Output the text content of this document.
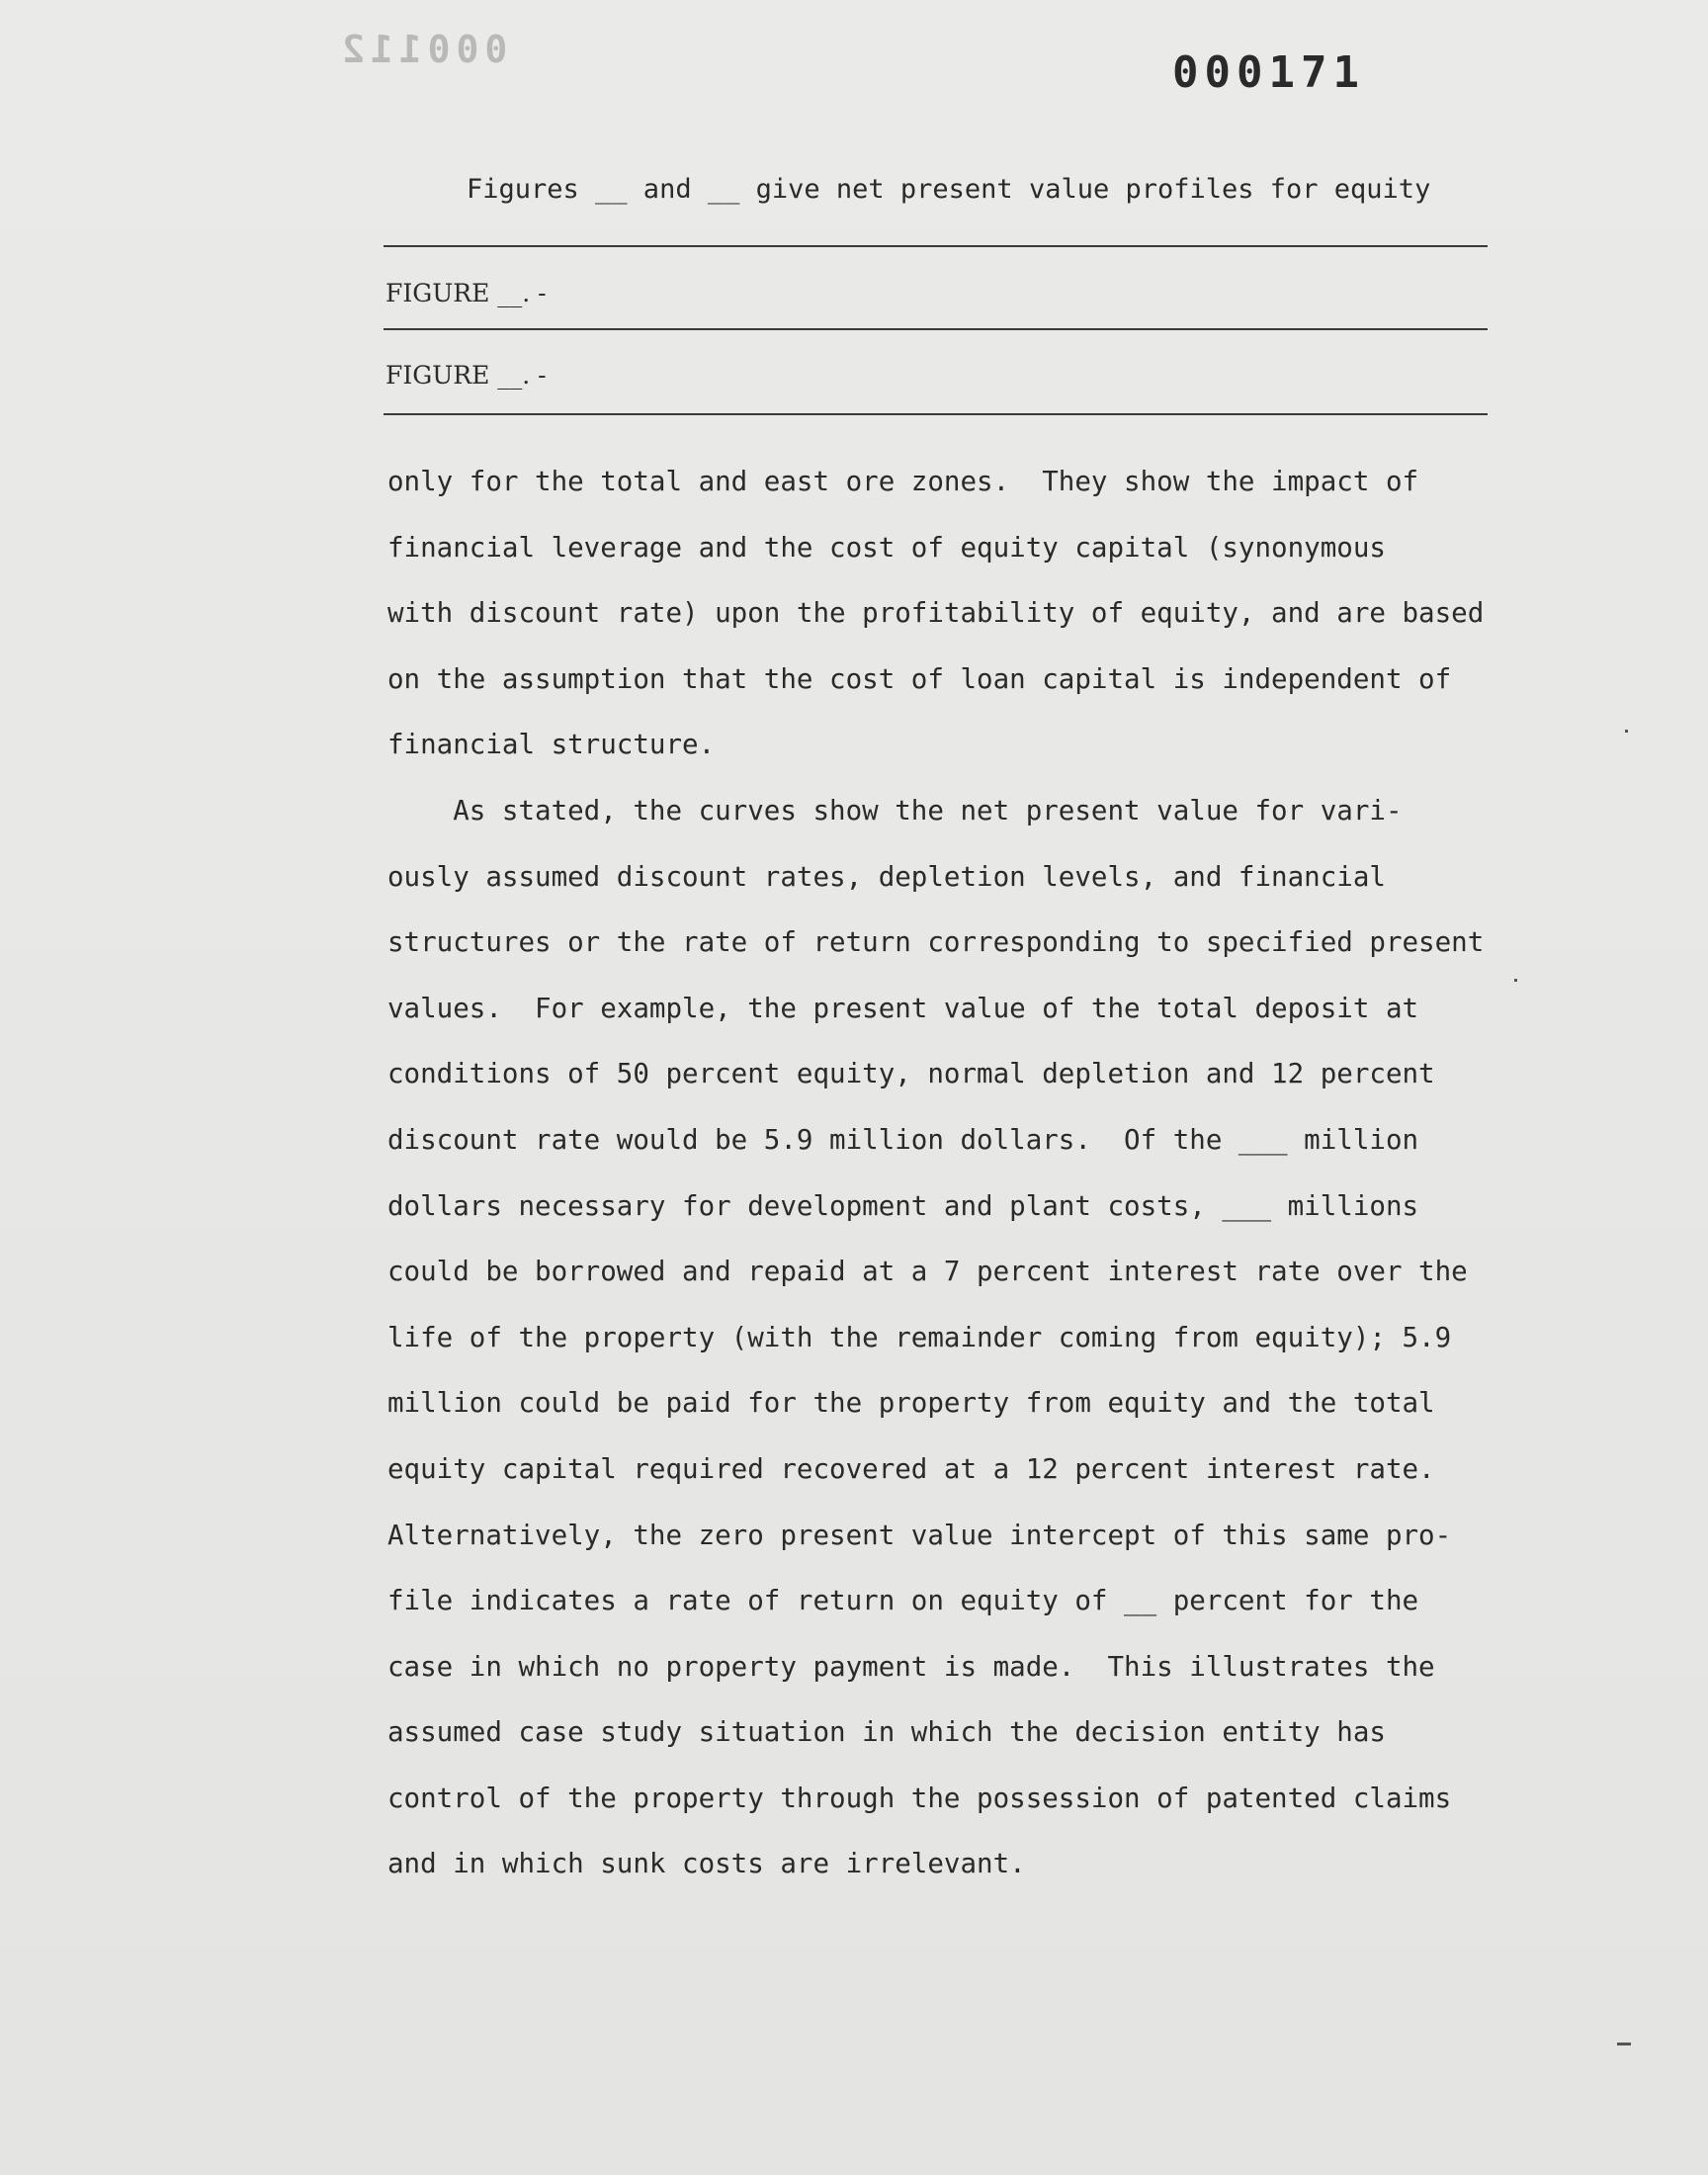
000112	000171
Figures __ and __ give net present value profiles for equity
FIGURE __. -
FIGURE __. -

only for the total and east ore zones.  They show the impact of

financial leverage and the cost of equity capital (synonymous

with discount rate) upon the profitability of equity, and are based

on the assumption that the cost of loan capital is independent of

financial structure.

As stated, the curves show the net present value for vari-

ously assumed discount rates, depletion levels, and financial

structures or the rate of return corresponding to specified present

values.  For example, the present value of the total deposit at

conditions of 50 percent equity, normal depletion and 12 percent

discount rate would be 5.9 million dollars.  Of the ___ million

dollars necessary for development and plant costs, ___ millions

could be borrowed and repaid at a 7 percent interest rate over the

life of the property (with the remainder coming from equity); 5.9

million could be paid for the property from equity and the total

equity capital required recovered at a 12 percent interest rate.

Alternatively, the zero present value intercept of this same pro-

file indicates a rate of return on equity of __ percent for the

case in which no property payment is made.  This illustrates the

assumed case study situation in which the decision entity has

control of the property through the possession of patented claims

and in which sunk costs are irrelevant.
